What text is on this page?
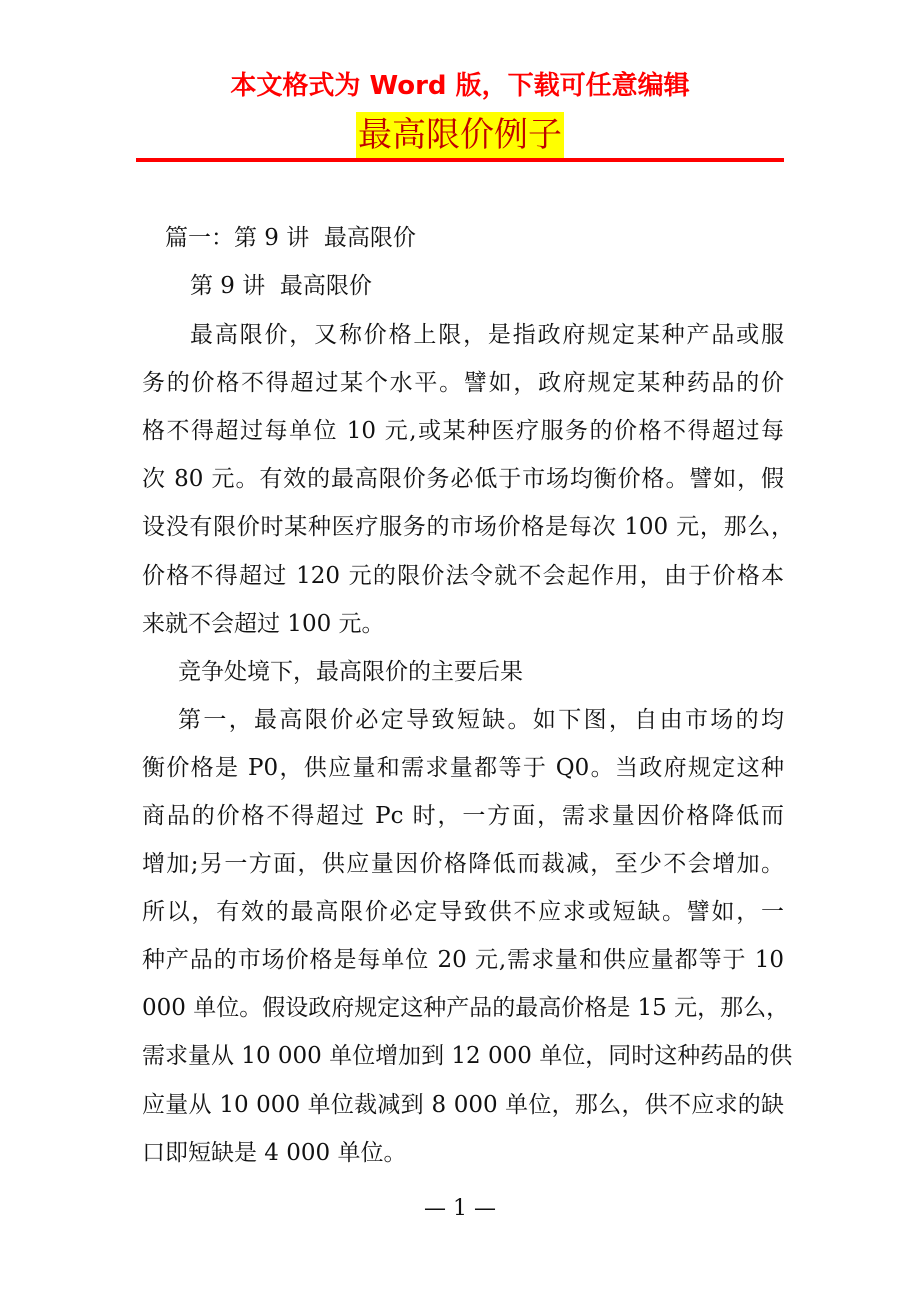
本文格式为 Word 版，下载可任意编辑
最高限价例子
篇一：第 9 讲  最高限价
第 9 讲  最高限价
最高限价，又称价格上限，是指政府规定某种产品或服
务的价格不得超过某个水平。譬如，政府规定某种药品的价
格不得超过每单位 10 元,或某种医疗服务的价格不得超过每
次 80 元。有效的最高限价务必低于市场均衡价格。譬如，假
设没有限价时某种医疗服务的市场价格是每次 100 元，那么，
价格不得超过 120 元的限价法令就不会起作用，由于价格本
来就不会超过 100 元。
竞争处境下，最高限价的主要后果
第一，最高限价必定导致短缺。如下图，自由市场的均
衡价格是 P0，供应量和需求量都等于 Q0。当政府规定这种
商品的价格不得超过 Pc 时，一方面，需求量因价格降低而
增加;另一方面，供应量因价格降低而裁减，至少不会增加。
所以，有效的最高限价必定导致供不应求或短缺。譬如，一
种产品的市场价格是每单位 20 元,需求量和供应量都等于 10
000 单位。假设政府规定这种产品的最高价格是 15 元，那么，
需求量从 10 000 单位增加到 12 000 单位，同时这种药品的供
应量从 10 000 单位裁减到 8 000 单位，那么，供不应求的缺
口即短缺是 4 000 单位。
— 1 —
